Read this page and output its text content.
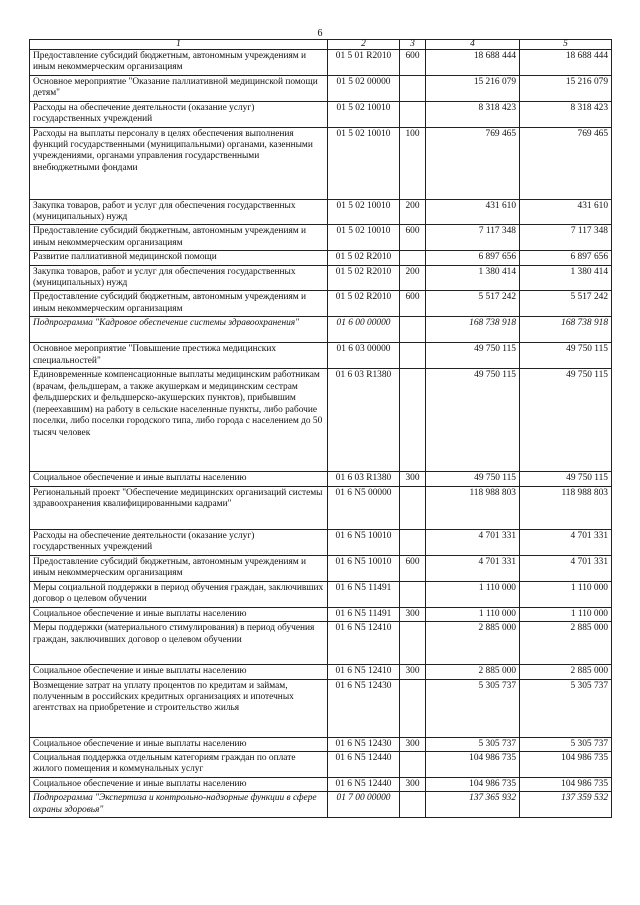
6
1	2	3	4	5
Предоставление субсидий бюджетным, автономным учреждениям и иным некоммерческим организациям	01 5 01 R2010	600	18 688 444	18 688 444
Основное мероприятие "Оказание паллиативной медицинской помощи детям"	01 5 02 00000		15 216 079	15 216 079
Расходы на обеспечение деятельности (оказание услуг) государственных учреждений	01 5 02 10010		8 318 423	8 318 423
Расходы на выплаты персоналу в целях обеспечения выполнения функций государственными (муниципальными) органами, казенными учреждениями, органами управления государственными внебюджетными фондами	01 5 02 10010	100	769 465	769 465
Закупка товаров, работ и услуг для обеспечения государственных (муниципальных) нужд	01 5 02 10010	200	431 610	431 610
Предоставление субсидий бюджетным, автономным учреждениям и иным некоммерческим организациям	01 5 02 10010	600	7 117 348	7 117 348
Развитие паллиативной медицинской помощи	01 5 02 R2010		6 897 656	6 897 656
Закупка товаров, работ и услуг для обеспечения государственных (муниципальных) нужд	01 5 02 R2010	200	1 380 414	1 380 414
Предоставление субсидий бюджетным, автономным учреждениям и иным некоммерческим организациям	01 5 02 R2010	600	5 517 242	5 517 242
Подпрограмма "Кадровое обеспечение системы здравоохранения"	01 6 00 00000		168 738 918	168 738 918
Основное мероприятие "Повышение престижа медицинских специальностей"	01 6 03 00000		49 750 115	49 750 115
Единовременные компенсационные выплаты медицинским работникам (врачам, фельдшерам, а также акушеркам и медицинским сестрам фельдшерских и фельдшерско-акушерских пунктов), прибывшим (переехавшим) на работу в сельские населенные пункты, либо рабочие поселки, либо поселки городского типа, либо города с населением до 50 тысяч человек	01 6 03 R1380		49 750 115	49 750 115
Социальное обеспечение и иные выплаты населению	01 6 03 R1380	300	49 750 115	49 750 115
Региональный проект "Обеспечение медицинских организаций системы здравоохранения квалифицированными кадрами"	01 6 N5 00000		118 988 803	118 988 803
Расходы на обеспечение деятельности (оказание услуг) государственных учреждений	01 6 N5 10010		4 701 331	4 701 331
Предоставление субсидий бюджетным, автономным учреждениям и иным некоммерческим организациям	01 6 N5 10010	600	4 701 331	4 701 331
Меры социальной поддержки в период обучения граждан, заключивших договор о целевом обучении	01 6 N5 11491		1 110 000	1 110 000
Социальное обеспечение и иные выплаты населению	01 6 N5 11491	300	1 110 000	1 110 000
Меры поддержки (материального стимулирования) в период обучения граждан, заключивших договор о целевом обучении	01 6 N5 12410		2 885 000	2 885 000
Социальное обеспечение и иные выплаты населению	01 6 N5 12410	300	2 885 000	2 885 000
Возмещение затрат на уплату процентов по кредитам и займам, полученным в российских кредитных организациях и ипотечных агентствах на приобретение и строительство жилья	01 6 N5 12430		5 305 737	5 305 737
Социальное обеспечение и иные выплаты населению	01 6 N5 12430	300	5 305 737	5 305 737
Социальная поддержка отдельным категориям граждан по оплате жилого помещения и коммунальных услуг	01 6 N5 12440		104 986 735	104 986 735
Социальное обеспечение и иные выплаты населению	01 6 N5 12440	300	104 986 735	104 986 735
Подпрограмма "Экспертиза и контрольно-надзорные функции в сфере охраны здоровья"	01 7 00 00000		137 365 932	137 359 532
